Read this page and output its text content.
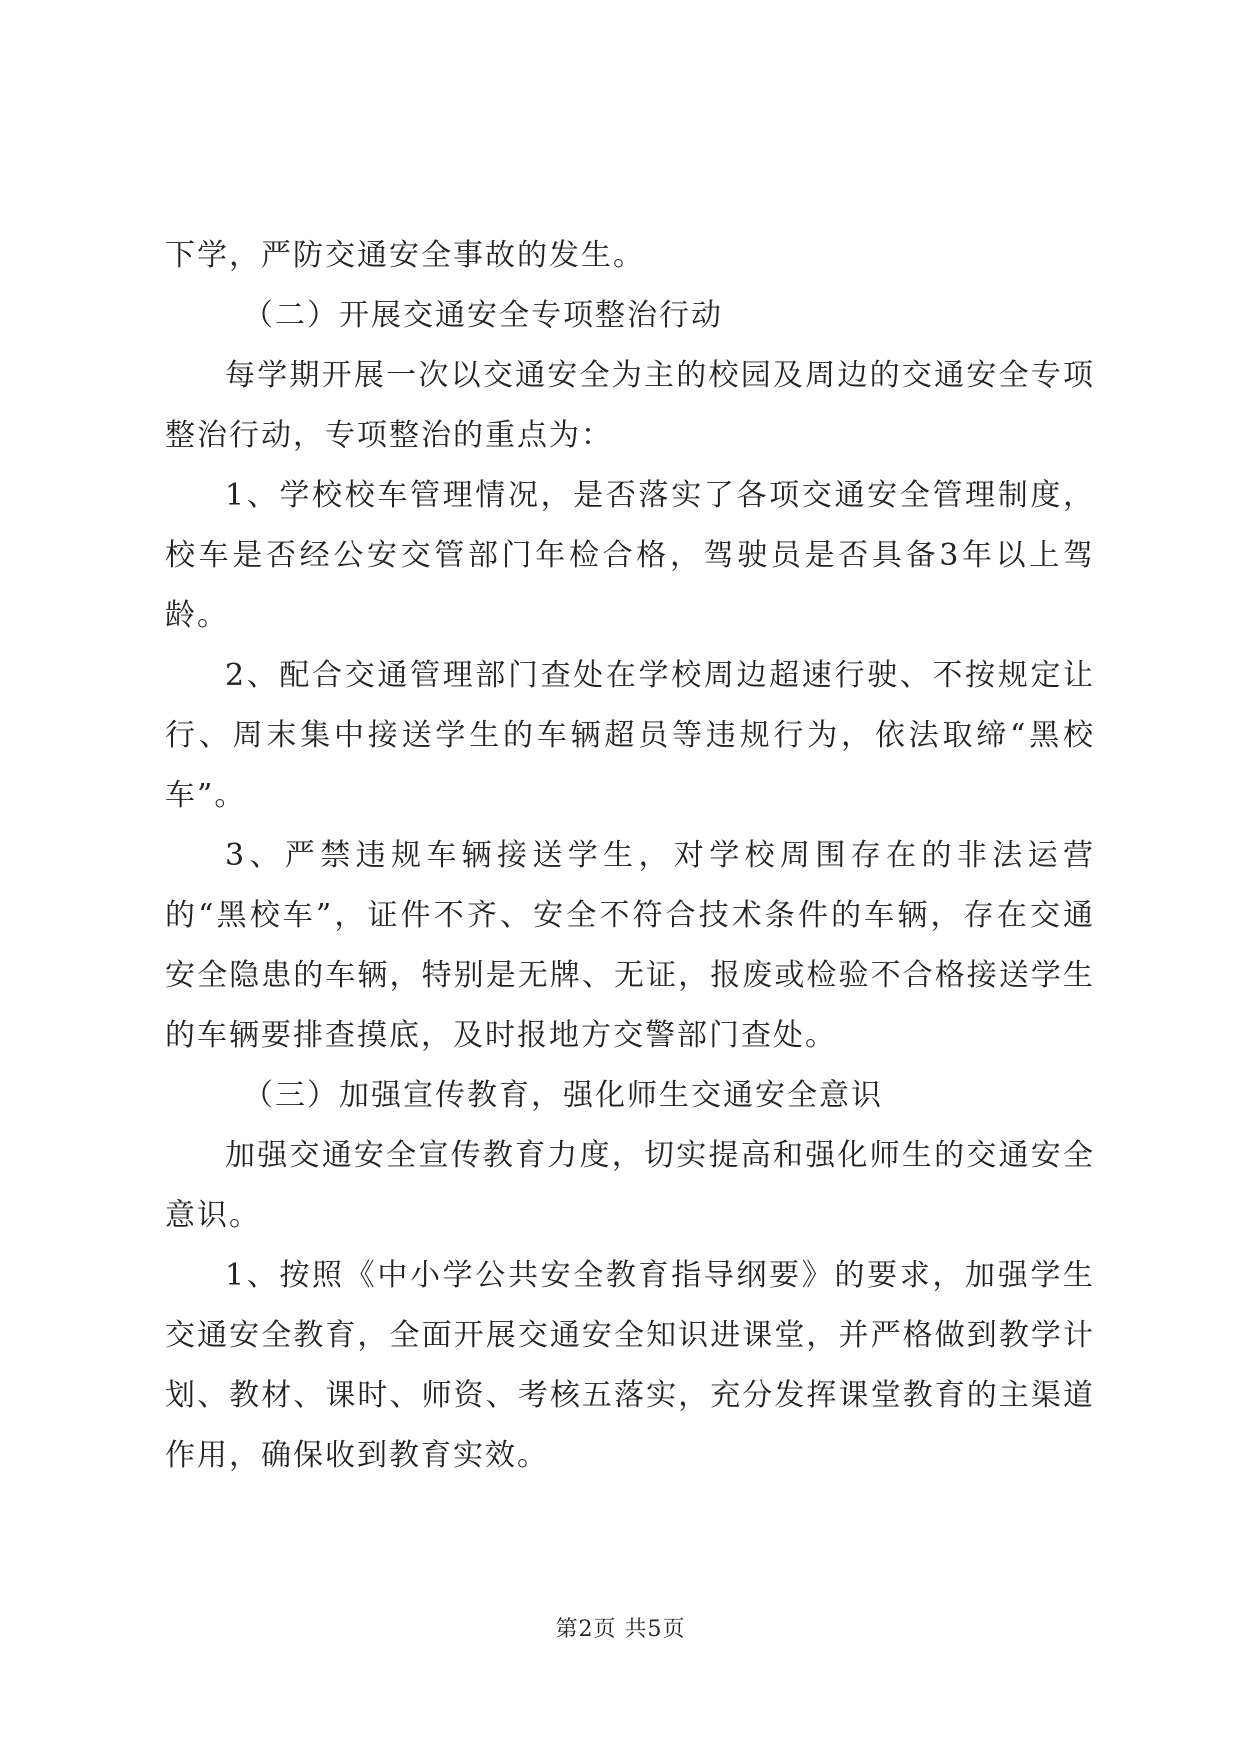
下学，严防交通安全事故的发生。

（二）开展交通安全专项整治行动

每学期开展一次以交通安全为主的校园及周边的交通安全专项整治行动，专项整治的重点为：

1、学校校车管理情况，是否落实了各项交通安全管理制度，校车是否经公安交管部门年检合格，驾驶员是否具备3年以上驾龄。

2、配合交通管理部门查处在学校周边超速行驶、不按规定让行、周末集中接送学生的车辆超员等违规行为，依法取缔“黑校车”。

3、严禁违规车辆接送学生，对学校周围存在的非法运营的“黑校车”，证件不齐、安全不符合技术条件的车辆，存在交通安全隐患的车辆，特别是无牌、无证，报废或检验不合格接送学生的车辆要排查摸底，及时报地方交警部门查处。

（三）加强宣传教育，强化师生交通安全意识

加强交通安全宣传教育力度，切实提高和强化师生的交通安全意识。

1、按照《中小学公共安全教育指导纲要》的要求，加强学生交通安全教育，全面开展交通安全知识进课堂，并严格做到教学计划、教材、课时、师资、考核五落实，充分发挥课堂教育的主渠道作用，确保收到教育实效。

第2页 共5页
